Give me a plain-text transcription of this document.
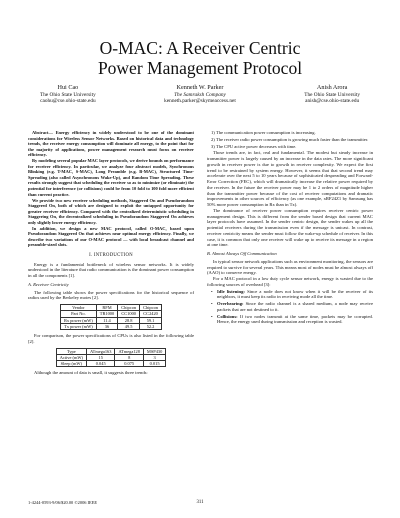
O-MAC: A Receiver Centric
Power Management Protocol
Hui Cao
The Ohio State University
caohu@cse.ohio-state.edu
Kenneth W. Parker
The Samraksh Company
kenneth.parker@skymeaccess.net
Anish Arora
The Ohio State University
anish@cse.ohio-state.edu

Abstract— Energy efficiency in widely understood to be one of the dominant considerations for Wireless Sensor Networks. Based on historical data and technology trends, the receiver energy consumption will dominate all energy, to the point that for the majority of applications, power management research must focus on receiver efficiency.

By modeling several popular MAC layer protocols, we derive bounds on performance for receiver efficiency. In particular, we analyze four abstract models, Synchronous Blinking (e.g. T-MAC, S-MAC), Long Preamble (e.g. B-MAC), Structured Time-Spreading (also called Asynchronous Wake-Up), and Random Time Spreading. These results strongly suggest that scheduling the receiver so as to minimize (or eliminate) the potential for interference (or collisions) could be from 10 fold to 100 fold more efficient than current practice.

We provide two new receiver scheduling methods, Staggered On and Pseudorandom Staggered On, both of which are designed to exploit the untapped opportunity for greater receiver efficiency. Compared with the centralized deterministic scheduling in Staggering On, the decentralized scheduling in Pseudorandom Staggered On achieves only slightly lower energy efficiency.

In addition, we design a new MAC protocol, called O-MAC, based upon Pseudorandom Staggered On that achieves near optimal energy efficiency. Finally, we describe two variations of our O-MAC protocol — with local broadcast channel and preamble-sized slots.

I. INTRODUCTION

Energy is a fundamental bottleneck of wireless sensor networks. It is widely understood in the literature that radio communication is the dominant power consumption in all the components [1].

A. Receiver Centricity

The following table shows the power specifications for the historical sequence of radios used by the Berkeley motes [2].

Vendor	RFM	Chipcon	Chipcon
Part No.	TR1000	CC1000	CC2420
Rx power (mW)	11.4	28.8	59.1
Tx power (mW)	36	49.5	52.2

For comparison, the power specifications of CPUs is also listed in the following table [2].

Type	ATmega163	ATmega128	MSP430
Active (mW)	15	8	3
Sleep (mW)	0.045	0.075	0.015

Although the amount of data is small, it suggests three trends:

1) The communication power consumption is increasing.
2) The receiver radio power consumption is growing much faster than the transmitter.
3) The CPU active power decreases with time.

Those trends are, in fact, real and fundamental. The modest but steady increase in transmitter power is largely caused by an increase in the data rates. The more significant growth in receiver power is due to growth in receiver complexity. We expect the first trend to be restrained by system energy. However, it seems that that second trend may accelerate over the next 5 to 10 years because of sophisticated despreading and Forward-Error Correction (FEC), which will dramatically increase the relative power required by the receiver. In the future the receiver power may be 1 to 2 orders of magnitude higher than the transmitter power because of the cost of receiver computations and dramatic improvements in other sources of efficiency (as one example, xRF24Z1 by Samsung has 50% more power consumption in Rx than in Tx).

The dominance of receiver power consumption requires receiver centric power management design. This is different from the sender based design that current MAC layer protocols have assumed. In the sender centric design, the sender wakes up all the potential receivers during the transmission even if the message is unicast. In contrast, receiver centricity means the sender must follow the wake-up schedule of receiver. In this case, it is common that only one receiver will wake up to receive its message in a region at one time.

B. Almost Always Off Communication

In typical sensor network applications such as environment monitoring, the sensors are required to survive for several years. This means most of nodes must be almost always off (AAO) to conserve energy.

For a MAC protocol in a low duty cycle sensor network, energy is wasted due to the following sources of overhead [3]:

• Idle listening: Since a node does not know when it will be the receiver of its neighbors, it must keep its radio in receiving mode all the time.
• Overhearing: Since the radio channel is a shared medium, a node may receive packets that are not destined to it.
• Collisions: If two nodes transmit at the same time, packets may be corrupted. Hence, the energy used during transmission and reception is wasted.
1-4244-0593-9/06/$20.00 ©2006 IEEE	311
